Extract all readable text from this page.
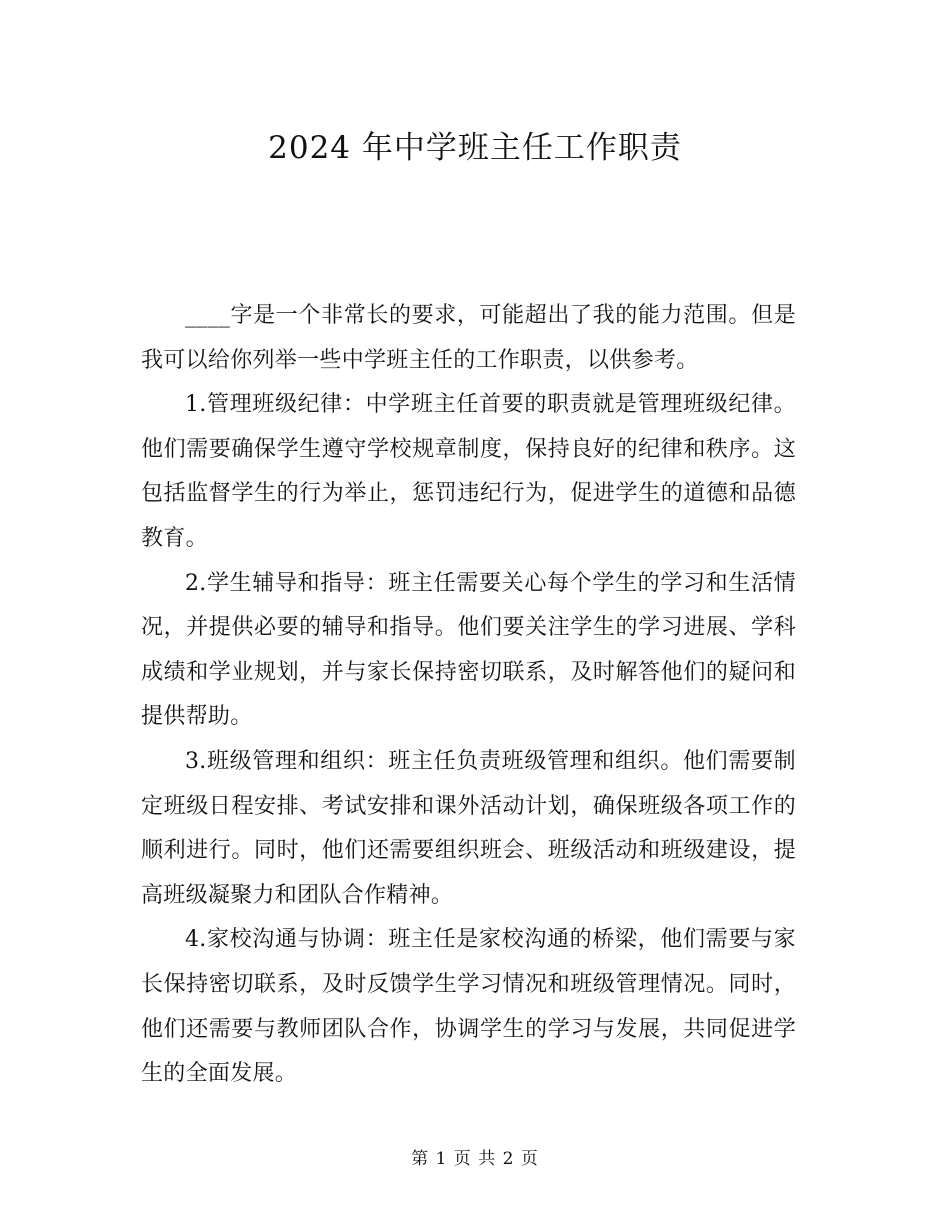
2024 年中学班主任工作职责

____字是一个非常长的要求，可能超出了我的能力范围。但是我可以给你列举一些中学班主任的工作职责，以供参考。

1.管理班级纪律：中学班主任首要的职责就是管理班级纪律。他们需要确保学生遵守学校规章制度，保持良好的纪律和秩序。这包括监督学生的行为举止，惩罚违纪行为，促进学生的道德和品德教育。

2.学生辅导和指导：班主任需要关心每个学生的学习和生活情况，并提供必要的辅导和指导。他们要关注学生的学习进展、学科成绩和学业规划，并与家长保持密切联系，及时解答他们的疑问和提供帮助。

3.班级管理和组织：班主任负责班级管理和组织。他们需要制定班级日程安排、考试安排和课外活动计划，确保班级各项工作的顺利进行。同时，他们还需要组织班会、班级活动和班级建设，提高班级凝聚力和团队合作精神。

4.家校沟通与协调：班主任是家校沟通的桥梁，他们需要与家长保持密切联系，及时反馈学生学习情况和班级管理情况。同时，他们还需要与教师团队合作，协调学生的学习与发展，共同促进学生的全面发展。

第 1 页 共 2 页
